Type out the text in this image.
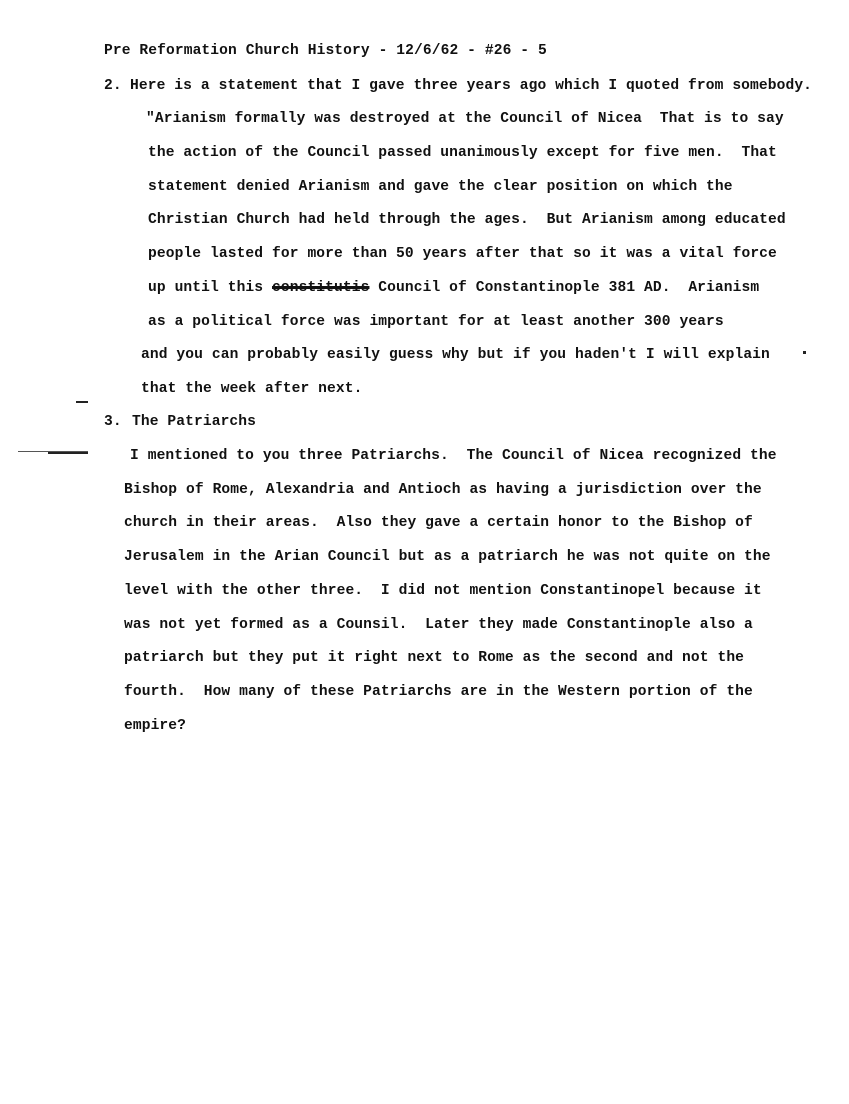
Pre Reformation Church History - 12/6/62 - #26 - 5
2. Here is a statement that I gave three years ago which I quoted from somebody.
"Arianism formally was destroyed at the Council of Nicea  That is to say
the action of the Council passed unanimously except for five men.  That
statement denied Arianism and gave the clear position on which the
Christian Church had held through the ages.  But Arianism among educated
people lasted for more than 50 years after that so it was a vital force
up until this constitutis Council of Constantinople 381 AD.  Arianism
as a political force was important for at least another 300 years
and you can probably easily guess why but if you haden't I will explain
that the week after next.
3. The Patriarchs
I mentioned to you three Patriarchs.  The Council of Nicea recognized the
Bishop of Rome, Alexandria and Antioch as having a jurisdiction over the
church in their areas.  Also they gave a certain honor to the Bishop of
Jerusalem in the Arian Council but as a patriarch he was not quite on the
level with the other three.  I did not mention Constantinopel because it
was not yet formed as a Counsil.  Later they made Constantinople also a
patriarch but they put it right next to Rome as the second and not the
fourth.  How many of these Patriarchs are in the Western portion of the
empire?
